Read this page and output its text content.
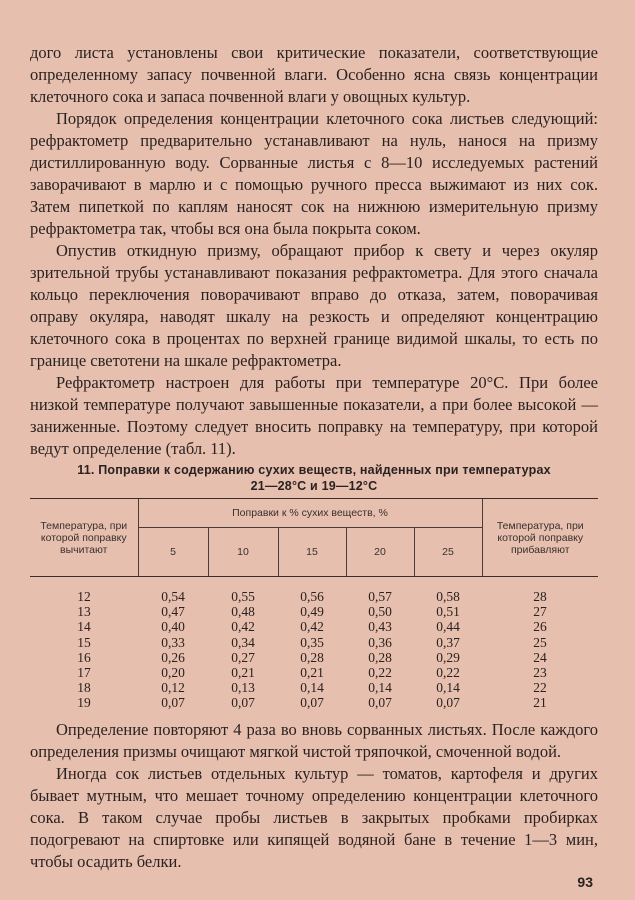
дого листа установлены свои критические показатели, соответствующие определенному запасу почвенной влаги. Особенно ясна связь концентрации клеточного сока и запаса почвенной влаги у овощных культур.

Порядок определения концентрации клеточного сока листьев следующий: рефрактометр предварительно устанавливают на нуль, нанося на призму дистиллированную воду. Сорванные листья с 8—10 исследуемых растений заворачивают в марлю и с помощью ручного пресса выжимают из них сок. Затем пипеткой по каплям наносят сок на нижнюю измерительную призму рефрактометра так, чтобы вся она была покрыта соком.

Опустив откидную призму, обращают прибор к свету и через окуляр зрительной трубы устанавливают показания рефрактометра. Для этого сначала кольцо переключения поворачивают вправо до отказа, затем, поворачивая оправу окуляра, наводят шкалу на резкость и определяют концентрацию клеточного сока в процентах по верхней границе видимой шкалы, то есть по границе светотени на шкале рефрактометра.

Рефрактометр настроен для работы при температуре 20°С. При более низкой температуре получают завышенные показатели, а при более высокой — заниженные. Поэтому следует вносить поправку на температуру, при которой ведут определение (табл. 11).

11. Поправки к содержанию сухих веществ, найденных при температурах
21—28°С и 19—12°С
Температура, при которой поправку вычитают	Поправки к % сухих веществ, %					Температура, при которой поправку прибавляют
	5	10	15	20	25	
12	0,54	0,55	0,56	0,57	0,58	28
13	0,47	0,48	0,49	0,50	0,51	27
14	0,40	0,42	0,42	0,43	0,44	26
15	0,33	0,34	0,35	0,36	0,37	25
16	0,26	0,27	0,28	0,28	0,29	24
17	0,20	0,21	0,21	0,22	0,22	23
18	0,12	0,13	0,14	0,14	0,14	22
19	0,07	0,07	0,07	0,07	0,07	21

Определение повторяют 4 раза во вновь сорванных листьях. После каждого определения призмы очищают мягкой чистой тряпочкой, смоченной водой.

Иногда сок листьев отдельных культур — томатов, картофеля и других бывает мутным, что мешает точному определению концентрации клеточного сока. В таком случае пробы листьев в закрытых пробками пробирках подогревают на спиртовке или кипящей водяной бане в течение 1—3 мин, чтобы осадить белки.

93
